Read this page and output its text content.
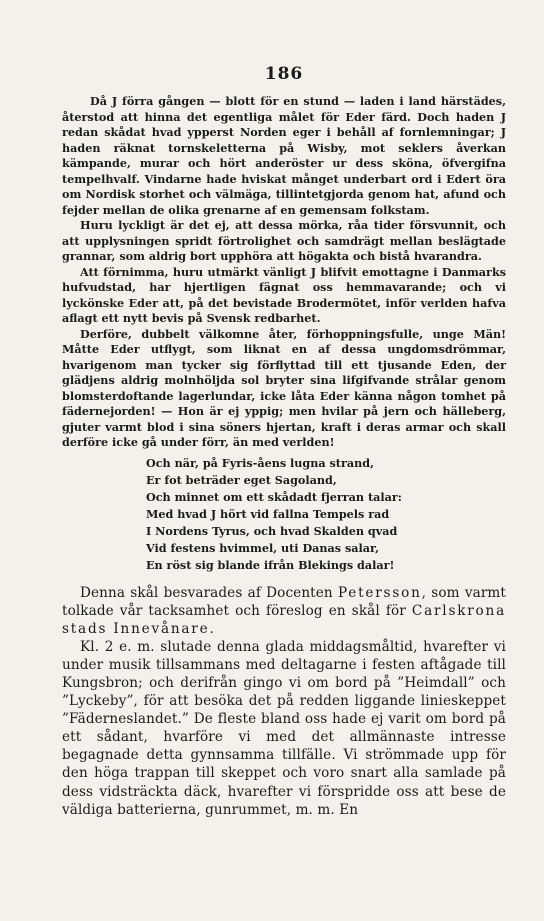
186

Då J förra gången — blott för en stund — laden i land härstädes, återstod att hinna det egentliga målet för Eder färd. Doch haden J redan skådat hvad ypperst Norden eger i behåll af fornlemningar; J haden räknat tornskeletterna på Wisby, mot seklers åverkan kämpande, murar och hört anderöster ur dess sköna, öfvergifna tempelhvalf. Vindarne hade hviskat månget underbart ord i Edert öra om Nordisk storhet och välmäga, tillintetgjorda genom hat, afund och fejder mellan de olika grenarne af en gemensam folkstam.

Huru lyckligt är det ej, att dessa mörka, råa tider försvunnit, och att upplysningen spridt förtrolighet och samdrägt mellan beslägtade grannar, som aldrig bort upphöra att högakta och bistå hvarandra.

Att förnimma, huru utmärkt vänligt J blifvit emottagne i Danmarks hufvudstad, har hjertligen fägnat oss hemmavarande; och vi lyckönske Eder att, på det bevistade Brodermötet, inför verlden hafva aflagt ett nytt bevis på Svensk redbarhet.

Derföre, dubbelt välkomne åter, förhoppningsfulle, unge Män! Måtte Eder utflygt, som liknat en af dessa ungdomsdrömmar, hvarigenom man tycker sig förflyttad till ett tjusande Eden, der glädjens aldrig molnhöljda sol bryter sina lifgifvande strålar genom blomsterdoftande lagerlundar, icke låta Eder känna någon tomhet på fädernejorden! — Hon är ej yppig; men hvilar på jern och hälleberg, gjuter varmt blod i sina söners hjertan, kraft i deras armar och skall derföre icke gå under förr, än med verlden!

Och när, på Fyris-åens lugna strand,
Er fot beträder eget Sagoland,
Och minnet om ett skådadt fjerran talar:
Med hvad J hört vid fallna Tempels rad
I Nordens Tyrus, och hvad Skalden qvad
Vid festens hvimmel, uti Danas salar,
En röst sig blande ifrån Blekings dalar!

Denna skål besvarades af Docenten Petersson, som varmt tolkade vår tacksamhet och föreslog en skål för Carlskrona stads Innevånare.

Kl. 2 e. m. slutade denna glada middagsmåltid, hvarefter vi under musik tillsammans med deltagarne i festen aftågade till Kungsbron; och derifrån gingo vi om bord på ”Heimdall” och ”Lyckeby”, för att besöka det på redden liggande linieskeppet ”Fäderneslandet.” De fleste bland oss hade ej varit om bord på ett sådant, hvarföre vi med det allmännaste intresse begagnade detta gynnsamma tillfälle. Vi strömmade upp för den höga trappan till skeppet och voro snart alla samlade på dess vidsträckta däck, hvarefter vi förspridde oss att bese de väldiga batterierna, gunrummet, m. m. En
